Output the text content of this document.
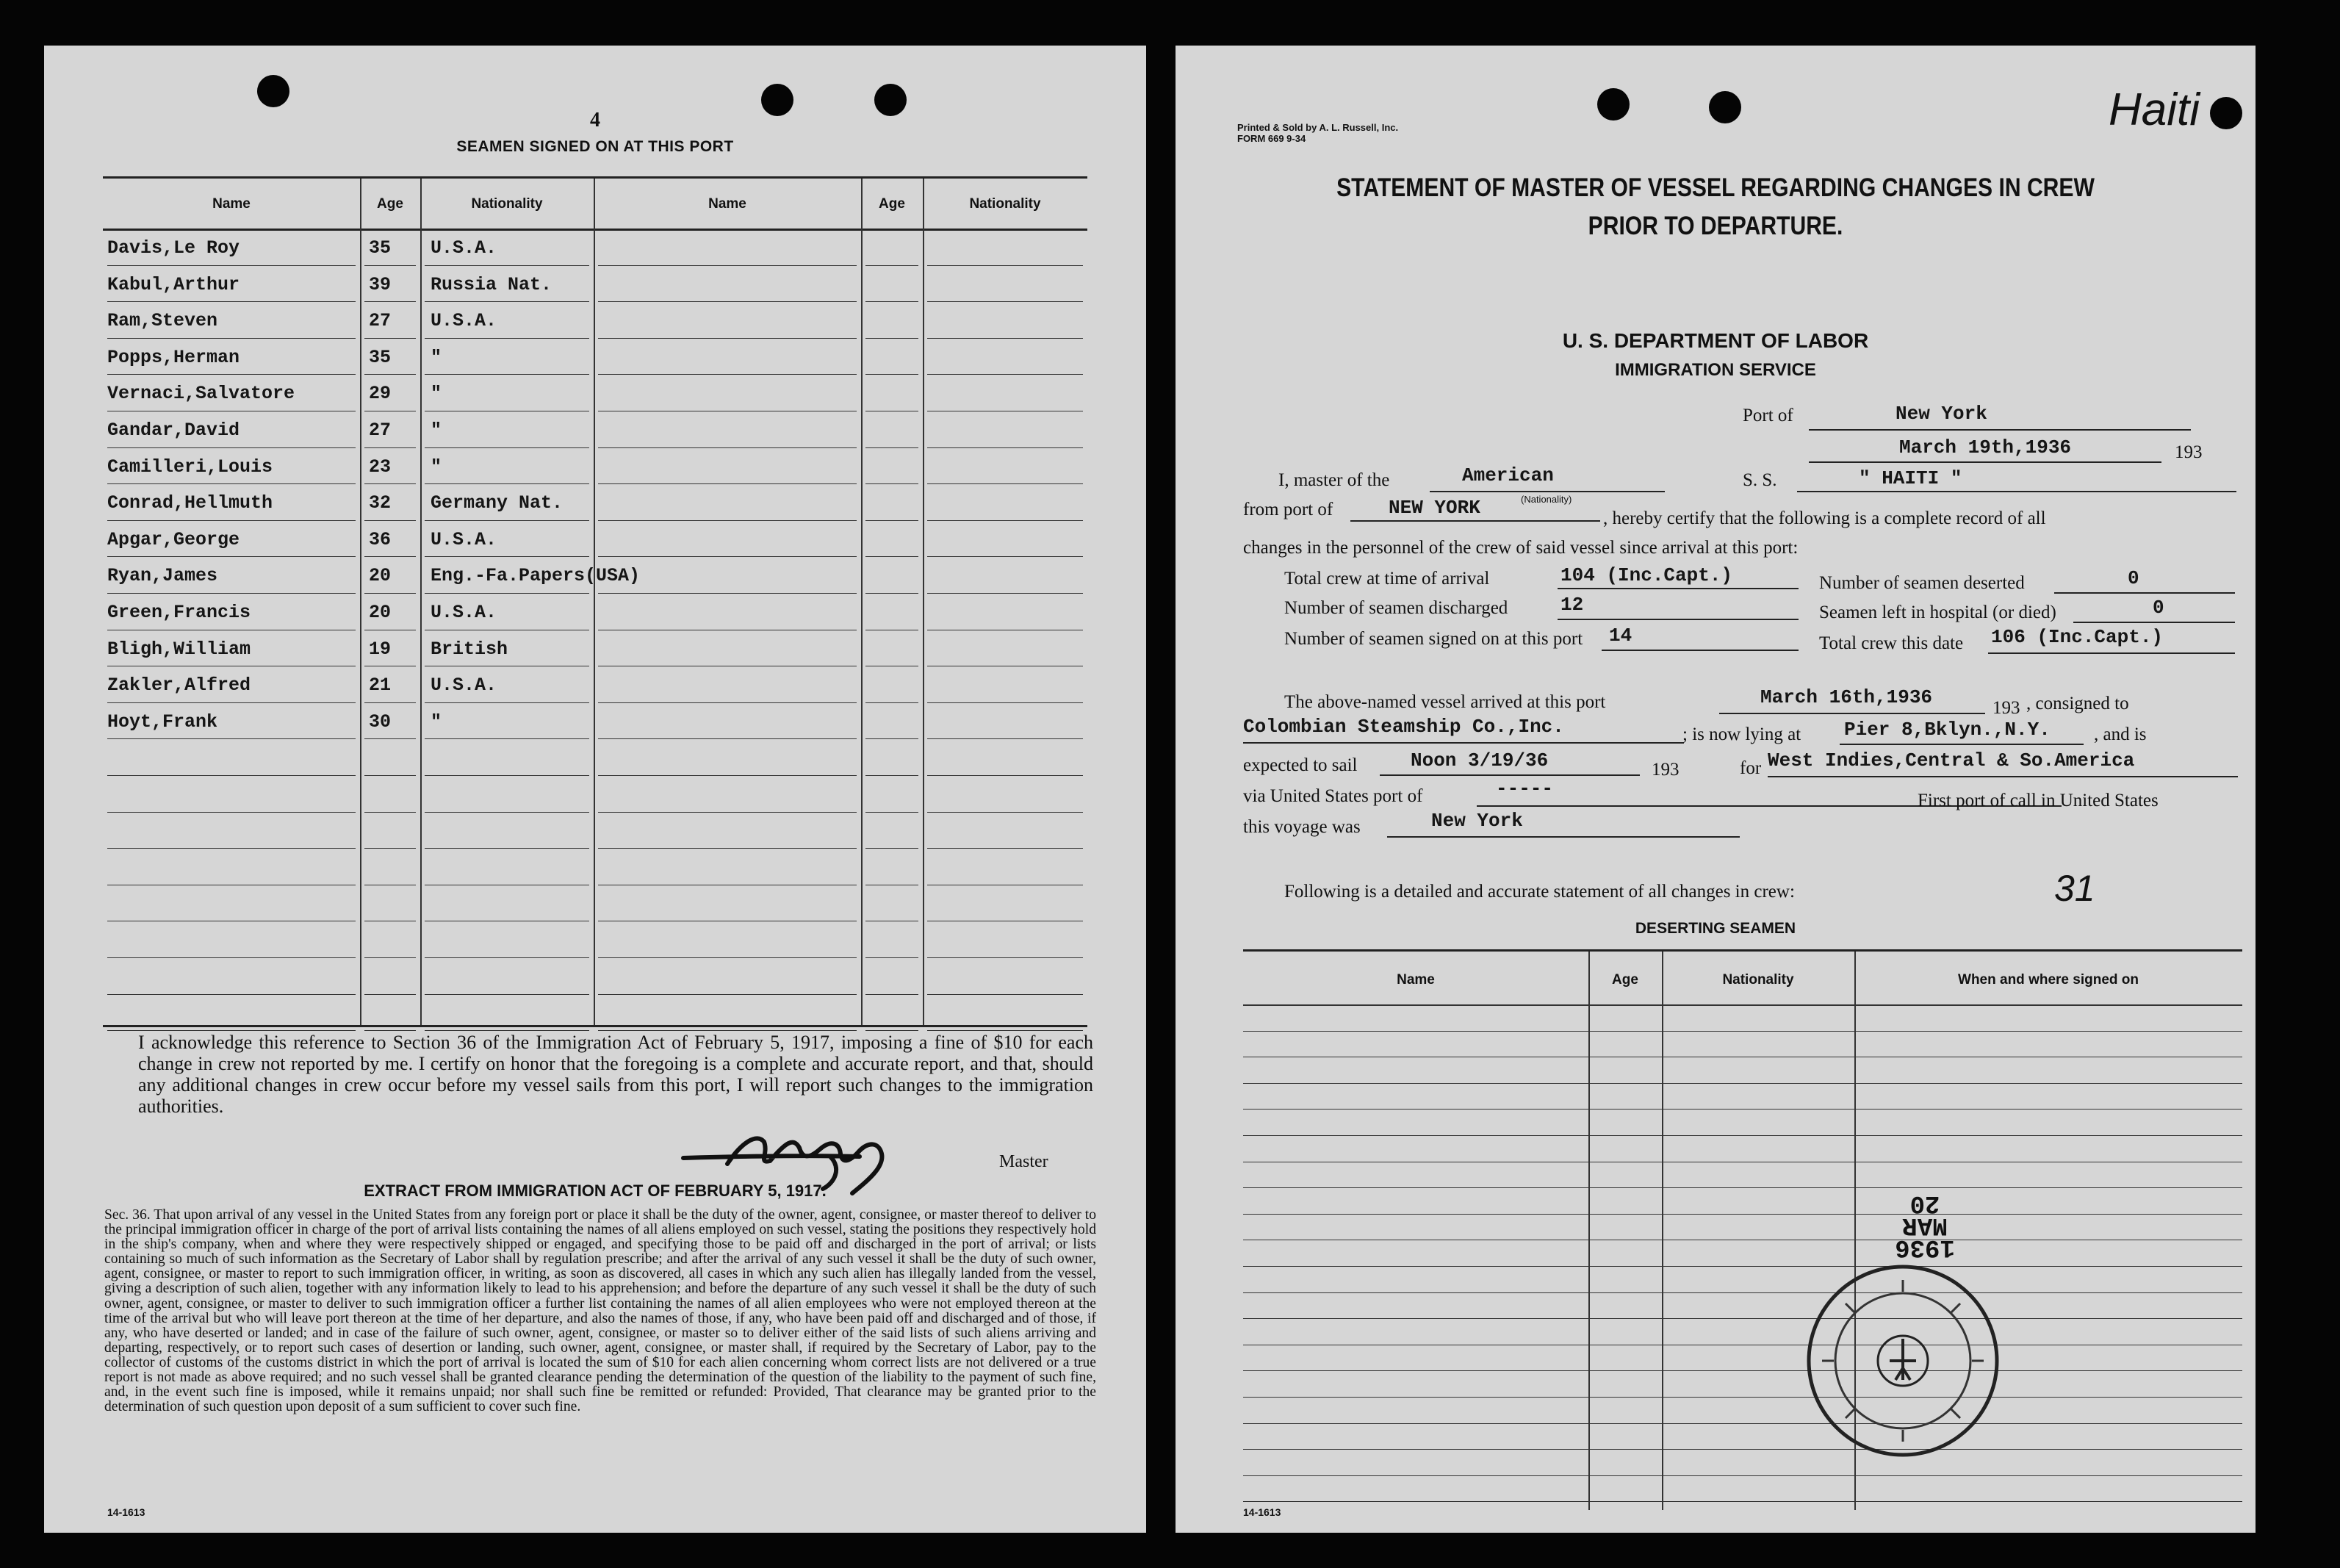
4
SEAMEN SIGNED ON AT THIS PORT
Name	Age	Nationality	Name	Age	Nationality
Davis,Le Roy	35 U.S.A.
Kabul,Arthur	39 Russia Nat.
Ram,Steven	27 U.S.A.
Popps,Herman	35 "
Vernaci,Salvatore	29 "
Gandar,David	27 "
Camilleri,Louis	23 "
Conrad,Hellmuth	32 Germany Nat.
Apgar,George	36 U.S.A.
Ryan,James	20 Eng.-Fa.Papers(USA)
Green,Francis	20 U.S.A.
Bligh,William	19 British
Zakler,Alfred	21 U.S.A.
Hoyt,Frank	30 "
I acknowledge this reference to Section 36 of the Immigration Act of February 5, 1917, imposing a fine of $10 for each change in crew not reported by me. I certify on honor that the foregoing is a complete and accurate report, and that, should any additional changes in crew occur before my vessel sails from this port, I will report such changes to the immigration authorities.
Master
EXTRACT FROM IMMIGRATION ACT OF FEBRUARY 5, 1917.
Sec. 36. That upon arrival of any vessel in the United States from any foreign port or place it shall be the duty of the owner, agent, consignee, or master thereof to deliver to the principal immigration officer in charge of the port of arrival lists containing the names of all aliens employed on such vessel, stating the positions they respectively hold in the ship's company, when and where they were respectively shipped or engaged, and specifying those to be paid off and discharged in the port of arrival; or lists containing so much of such information as the Secretary of Labor shall by regulation prescribe; and after the arrival of any such vessel it shall be the duty of such owner, agent, consignee, or master to report to such immigration officer, in writing, as soon as discovered, all cases in which any such alien has illegally landed from the vessel, giving a description of such alien, together with any information likely to lead to his apprehension; and before the departure of any such vessel it shall be the duty of such owner, agent, consignee, or master to deliver to such immigration officer a further list containing the names of all alien employees who were not employed thereon at the time of the arrival but who will leave port thereon at the time of her departure, and also the names of those, if any, who have been paid off and discharged and of those, if any, who have deserted or landed; and in case of the failure of such owner, agent, consignee, or master so to deliver either of the said lists of such aliens arriving and departing, respectively, or to report such cases of desertion or landing, such owner, agent, consignee, or master shall, if required by the Secretary of Labor, pay to the collector of customs of the customs district in which the port of arrival is located the sum of $10 for each alien concerning whom correct lists are not delivered or a true report is not made as above required; and no such vessel shall be granted clearance pending the determination of the question of the liability to the payment of such fine, and, in the event such fine is imposed, while it remains unpaid; nor shall such fine be remitted or refunded: Provided, That clearance may be granted prior to the determination of such question upon deposit of a sum sufficient to cover such fine.
14-1613
Haiti
Printed & Sold by A. L. Russell, Inc.
FORM 669 9-34
STATEMENT OF MASTER OF VESSEL REGARDING CHANGES IN CREW
PRIOR TO DEPARTURE.
U. S. DEPARTMENT OF LABOR
IMMIGRATION SERVICE
Port of	New York
March 19th,1936	193
I, master of the	American
(Nationality)
S. S.	" HAITI "
from port of	NEW YORK	, hereby certify that the following is a complete record of all
changes in the personnel of the crew of said vessel since arrival at this port:
Total crew at time of arrival	104 (Inc.Capt.)	Number of seamen deserted	0
Number of seamen discharged	12	Seamen left in hospital (or died)	0
Number of seamen signed on at this port 14	Total crew this date 106 (Inc.Capt.)
The above-named vessel arrived at this port	March 16th,1936	193 , consigned to
Colombian Steamship Co.,Inc.	; is now lying at Pier 8,Bklyn.,N.Y. , and is
expected to sail	Noon 3/19/36	193	for West Indies,Central & So.America
via United States port of	-----
First port of call in United States
this voyage was	New York
Following is a detailed and accurate statement of all changes in crew:	31
DESERTING SEAMEN
Name	Age	Nationality	When and where signed on
1936 MAR 20
14-1613
